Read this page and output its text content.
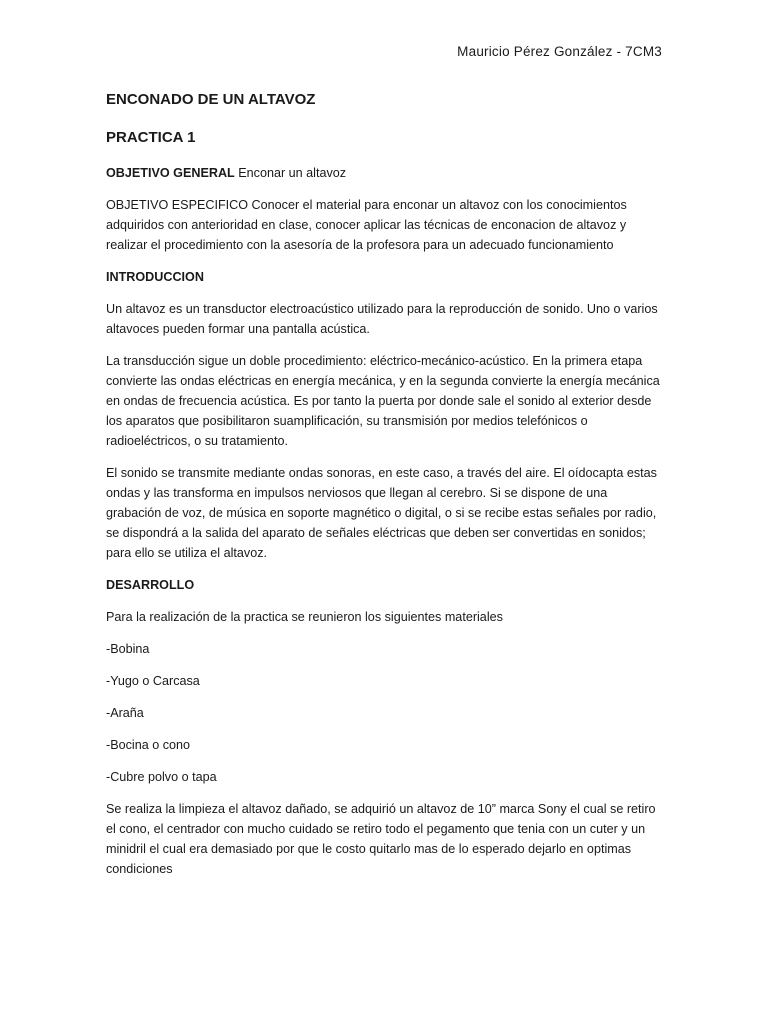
Mauricio Pérez González - 7CM3
ENCONADO DE UN ALTAVOZ
PRACTICA 1

OBJETIVO GENERAL Enconar un altavoz

OBJETIVO ESPECIFICO Conocer el material para enconar un altavoz con los conocimientos adquiridos con anterioridad en clase, conocer aplicar las técnicas de enconacion de altavoz y realizar el procedimiento con la asesoría de la profesora para un adecuado funcionamiento

INTRODUCCION

Un altavoz es un transductor electroacústico utilizado para la reproducción de sonido. Uno o varios altavoces pueden formar una pantalla acústica.

La transducción sigue un doble procedimiento: eléctrico-mecánico-acústico. En la primera etapa convierte las ondas eléctricas en energía mecánica, y en la segunda convierte la energía mecánica en ondas de frecuencia acústica. Es por tanto la puerta por donde sale el sonido al exterior desde los aparatos que posibilitaron suamplificación, su transmisión por medios telefónicos o radioeléctricos, o su tratamiento.

El sonido se transmite mediante ondas sonoras, en este caso, a través del aire. El oídocapta estas ondas y las transforma en impulsos nerviosos que llegan al cerebro. Si se dispone de una grabación de voz, de música en soporte magnético o digital, o si se recibe estas señales por radio, se dispondrá a la salida del aparato de señales eléctricas que deben ser convertidas en sonidos; para ello se utiliza el altavoz.

DESARROLLO

Para la realización de la practica se reunieron los siguientes materiales

-Bobina

-Yugo o Carcasa

-Araña

-Bocina o cono

-Cubre polvo o tapa

Se realiza la limpieza el altavoz dañado, se adquirió un altavoz de 10” marca Sony el cual se retiro el cono, el centrador con mucho cuidado se retiro todo el pegamento que tenia con un cuter y un minidril el cual era demasiado por que le costo quitarlo mas de lo esperado dejarlo en optimas condiciones
